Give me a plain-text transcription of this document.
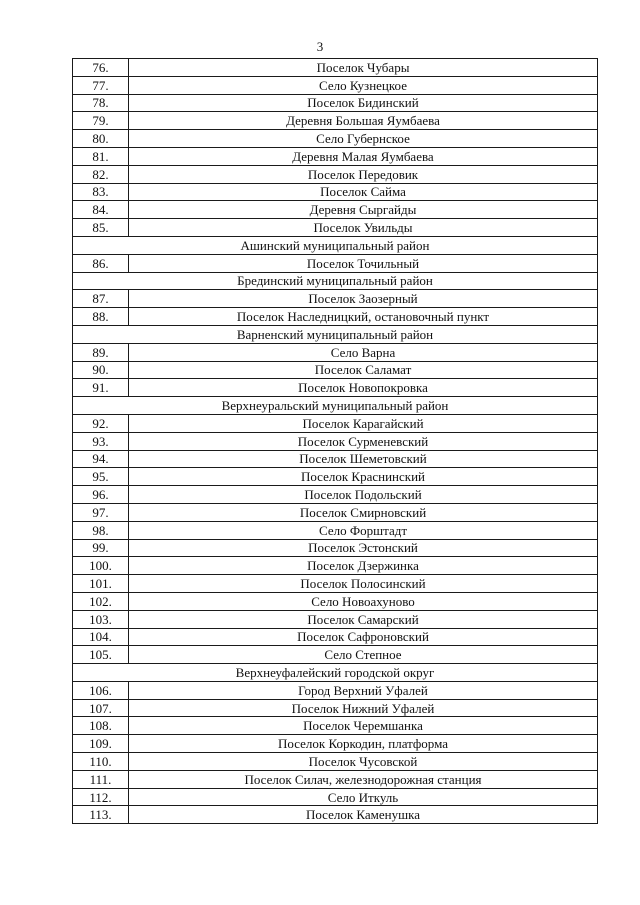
3
76.	Поселок Чубары
77.	Село Кузнецкое
78.	Поселок Бидинский
79.	Деревня Большая Яумбаева
80.	Село Губернское
81.	Деревня Малая Яумбаева
82.	Поселок Передовик
83.	Поселок Сайма
84.	Деревня Сыргайды
85.	Поселок Увильды
Ашинский муниципальный район	
86.	Поселок Точильный
Брединский муниципальный район	
87.	Поселок Заозерный
88.	Поселок Наследницкий, остановочный пункт
Варненский муниципальный район	
89.	Село Варна
90.	Поселок Саламат
91.	Поселок Новопокровка
Верхнеуральский муниципальный район	
92.	Поселок Карагайский
93.	Поселок Сурменевский
94.	Поселок Шеметовский
95.	Поселок Краснинский
96.	Поселок Подольский
97.	Поселок Смирновский
98.	Село Форштадт
99.	Поселок Эстонский
100.	Поселок Дзержинка
101.	Поселок Полосинский
102.	Село Новоахуново
103.	Поселок Самарский
104.	Поселок Сафроновский
105.	Село Степное
Верхнеуфалейский городской округ	
106.	Город Верхний Уфалей
107.	Поселок Нижний Уфалей
108.	Поселок Черемшанка
109.	Поселок Коркодин, платформа
110.	Поселок Чусовской
111.	Поселок Силач, железнодорожная станция
112.	Село Иткуль
113.	Поселок Каменушка
